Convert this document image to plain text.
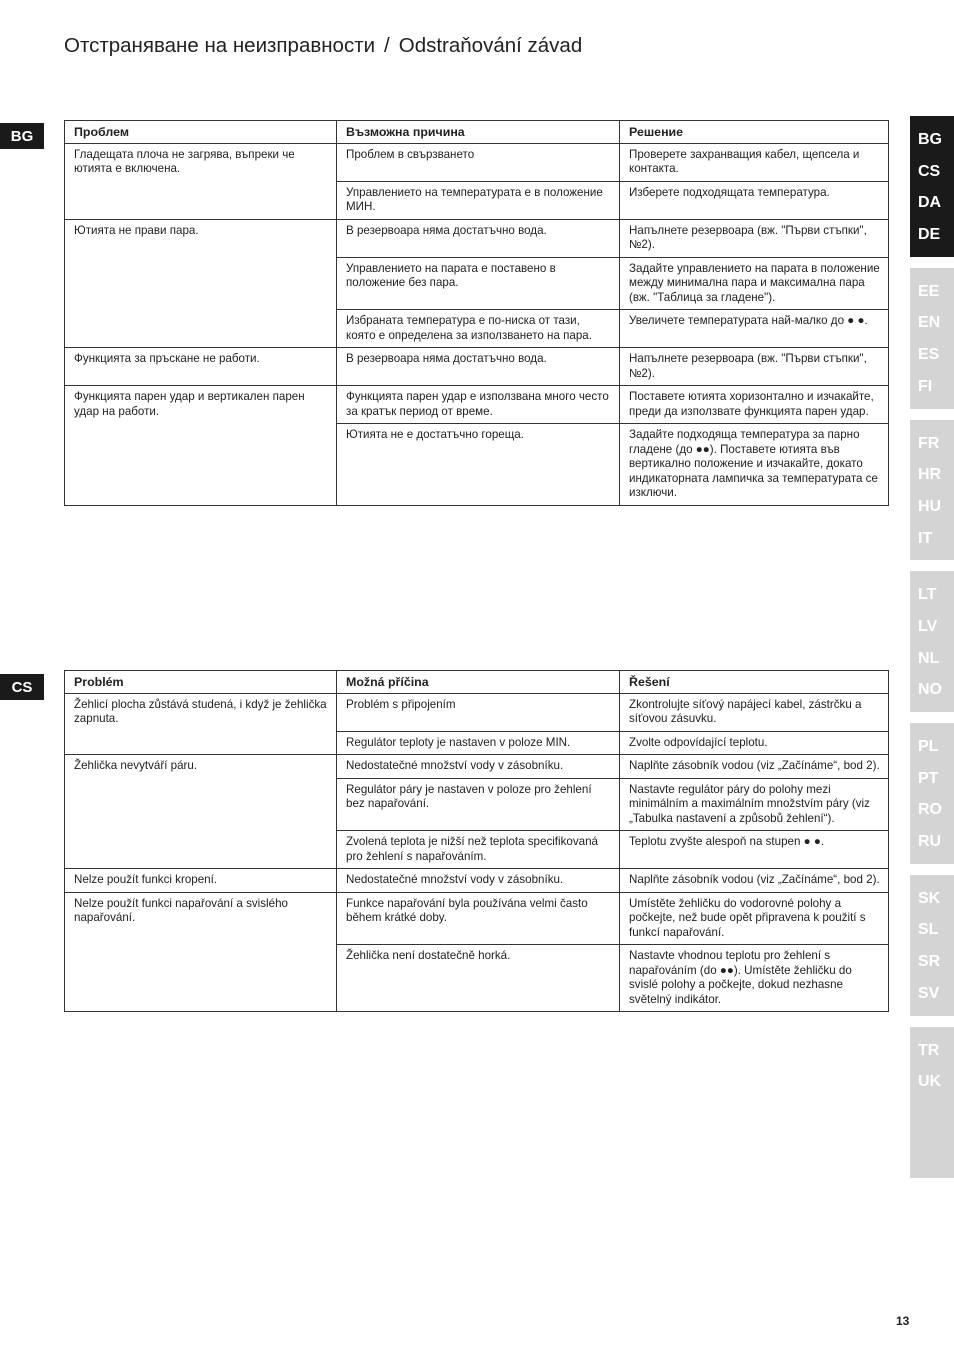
Отстраняване на неизправности / Odstraňování závad
BG	Проблем	Възможна причина	Решение
Гладещата плоча не загрява, въпреки че ютията е включена.	Проблем в свързването	Проверете захранващия кабел, щепсела и контакта.
	Управлението на температурата е в положение МИН.	Изберете подходящата температура.
Ютията не прави пара.	В резервоара няма достатъчно вода.	Напълнете резервоара (вж. "Първи стъпки", №2).
	Управлението на парата е поставено в положение без пара.	Задайте управлението на парата в положение между минимална пара и максимална пара (вж. "Таблица за гладене").
	Избраната температура е по-ниска от тази, която е определена за използването на пара.	Увеличете температурата най-малко до ● ●.
Функцията за пръскане не работи.	В резервоара няма достатъчно вода.	Напълнете резервоара (вж. "Първи стъпки", №2).
Функцията парен удар и вертикален парен удар на работи.	Функцията парен удар е използвана много често за кратък период от време.	Поставете ютията хоризонтално и изчакайте, преди да използвате функцията парен удар.
	Ютията не е достатъчно гореща.	Задайте подходяща температура за парно гладене (до ●●). Поставете ютията във вертикално положение и изчакайте, докато индикаторната лампичка за температурата се изключи.
CS	Problém	Možná příčina	Řešení
Žehlicí plocha zůstává studená, i když je žehlička zapnuta.	Problém s připojením	Zkontrolujte síťový napájecí kabel, zástrčku a síťovou zásuvku.
	Regulátor teploty je nastaven v poloze MIN.	Zvolte odpovídající teplotu.
Žehlička nevytváří páru.	Nedostatečné množství vody v zásobníku.	Naplňte zásobník vodou (viz „Začínáme“, bod 2).
	Regulátor páry je nastaven v poloze pro žehlení bez napařování.	Nastavte regulátor páry do polohy mezi minimálním a maximálním množstvím páry (viz „Tabulka nastavení a způsobů žehlení“).
	Zvolená teplota je nižší než teplota specifikovaná pro žehlení s napařováním.	Teplotu zvyšte alespoň na stupen ● ●.
Nelze použít funkci kropení.	Nedostatečné množství vody v zásobníku.	Naplňte zásobník vodou (viz „Začínáme“, bod 2).
Nelze použít funkci napařování a svislého napařování.	Funkce napařování byla používána velmi často během krátké doby.	Umístěte žehličku do vodorovné polohy a počkejte, než bude opět připravena k použití s funkcí napařování.
	Žehlička není dostatečně horká.	Nastavte vhodnou teplotu pro žehlení s napařováním (do ●●). Umístěte žehličku do svislé polohy a počkejte, dokud nezhasne světelný indikátor.
BG
CS
DA
DE
EE
EN
ES
FI
FR
HR
HU
IT
LT
LV
NL
NO
PL
PT
RO
RU
SK
SL
SR
SV
TR
UK
13
